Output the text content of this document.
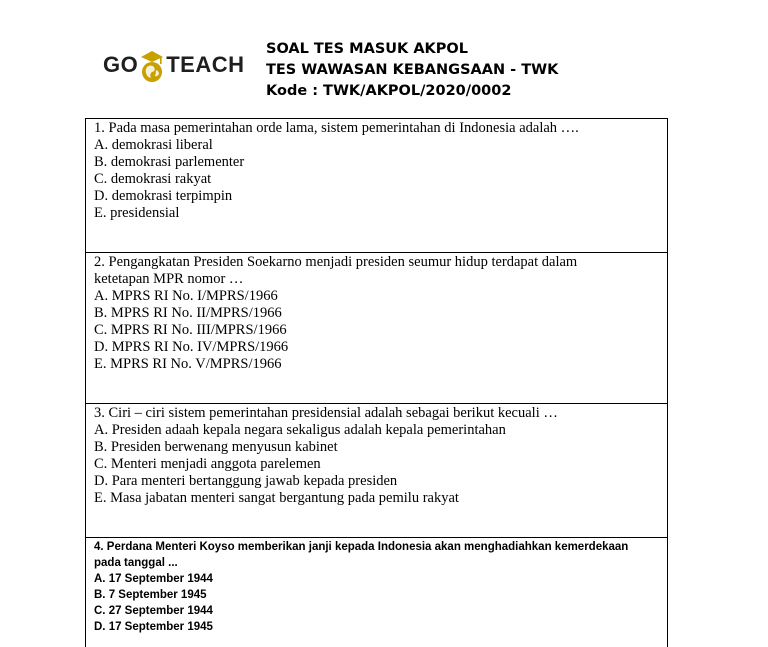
GO TEACH
SOAL TES MASUK AKPOL
TES WAWASAN KEBANGSAAN - TWK
Kode : TWK/AKPOL/2020/0002
1. Pada masa pemerintahan orde lama, sistem pemerintahan di Indonesia adalah ….
A. demokrasi liberal
B. demokrasi parlementer
C. demokrasi rakyat
D. demokrasi terpimpin
E. presidensial
2. Pengangkatan Presiden Soekarno menjadi presiden seumur hidup terdapat dalam
ketetapan MPR nomor …
A. MPRS RI No. I/MPRS/1966
B. MPRS RI No. II/MPRS/1966
C. MPRS RI No. III/MPRS/1966
D. MPRS RI No. IV/MPRS/1966
E. MPRS RI No. V/MPRS/1966
3. Ciri – ciri sistem pemerintahan presidensial adalah sebagai berikut kecuali …
A. Presiden adaah kepala negara sekaligus adalah kepala pemerintahan
B. Presiden berwenang menyusun kabinet
C. Menteri menjadi anggota parelemen
D. Para menteri bertanggung jawab kepada presiden
E. Masa jabatan menteri sangat bergantung pada pemilu rakyat
4. Perdana Menteri Koyso memberikan janji kepada Indonesia akan menghadiahkan kemerdekaan
pada tanggal ...
A. 17 September 1944
B. 7 September 1945
C. 27 September 1944
D. 17 September 1945
